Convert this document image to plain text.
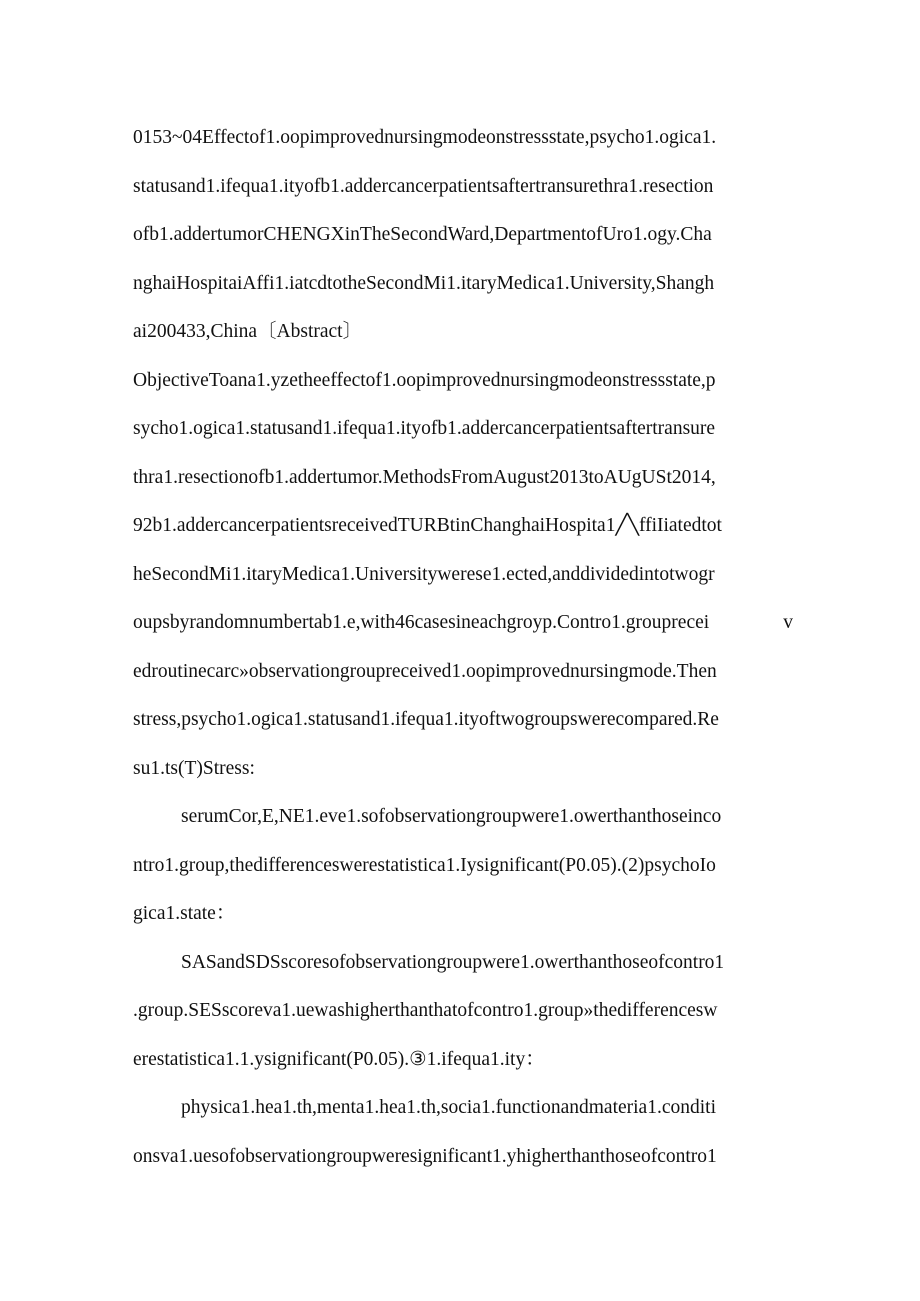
0153~04Effectof1.oopimprovednursingmodeonstressstate,psycho1.ogica1.
statusand1.ifequa1.ityofb1.addercancerpatientsaftertransurethra1.resection
ofb1.addertumorCHENGXinTheSecondWard,DepartmentofUro1.ogy.Cha
nghaiHospitaiAffi1.iatcdtotheSecondMi1.itaryMedica1.University,Shangh
ai200433,China〔Abstract〕
ObjectiveToana1.yzetheeffectof1.oopimprovednursingmodeonstressstate,p
sycho1.ogica1.statusand1.ifequa1.ityofb1.addercancerpatientsaftertransure
thra1.resectionofb1.addertumor.MethodsFromAugust2013toAUgUSt2014,
92b1.addercancerpatientsreceivedTURBtinChanghaiHospita1╱╲ffiIiatedtot
heSecondMi1.itaryMedica1.Universitywerese1.ected,anddividedintotwogr
oupsbyrandomnumbertab1.e,with46casesineachgroyp.Contro1.grouprecei v
edroutinecarc»observationgroupreceived1.oopimprovednursingmode.Then
stress,psycho1.ogica1.statusand1.ifequa1.ityoftwogroupswerecompared.Re
su1.ts(T)Stress:
serumCor,E,NE1.eve1.sofobservationgroupwere1.owerthanthoseinco
ntro1.group,thedifferenceswerestatistica1.Iysignificant(P0.05).(2)psychoIo
gica1.state：
SASandSDSscoresofobservationgroupwere1.owerthanthoseofcontro1
.group.SESscoreva1.uewashigherthanthatofcontro1.group»thedifferencesw
erestatistica1.1.ysignificant(P0.05).③1.ifequa1.ity：
physica1.hea1.th,menta1.hea1.th,socia1.functionandmateria1.conditi
onsva1.uesofobservationgroupweresignificant1.yhigherthanthoseofcontro1
